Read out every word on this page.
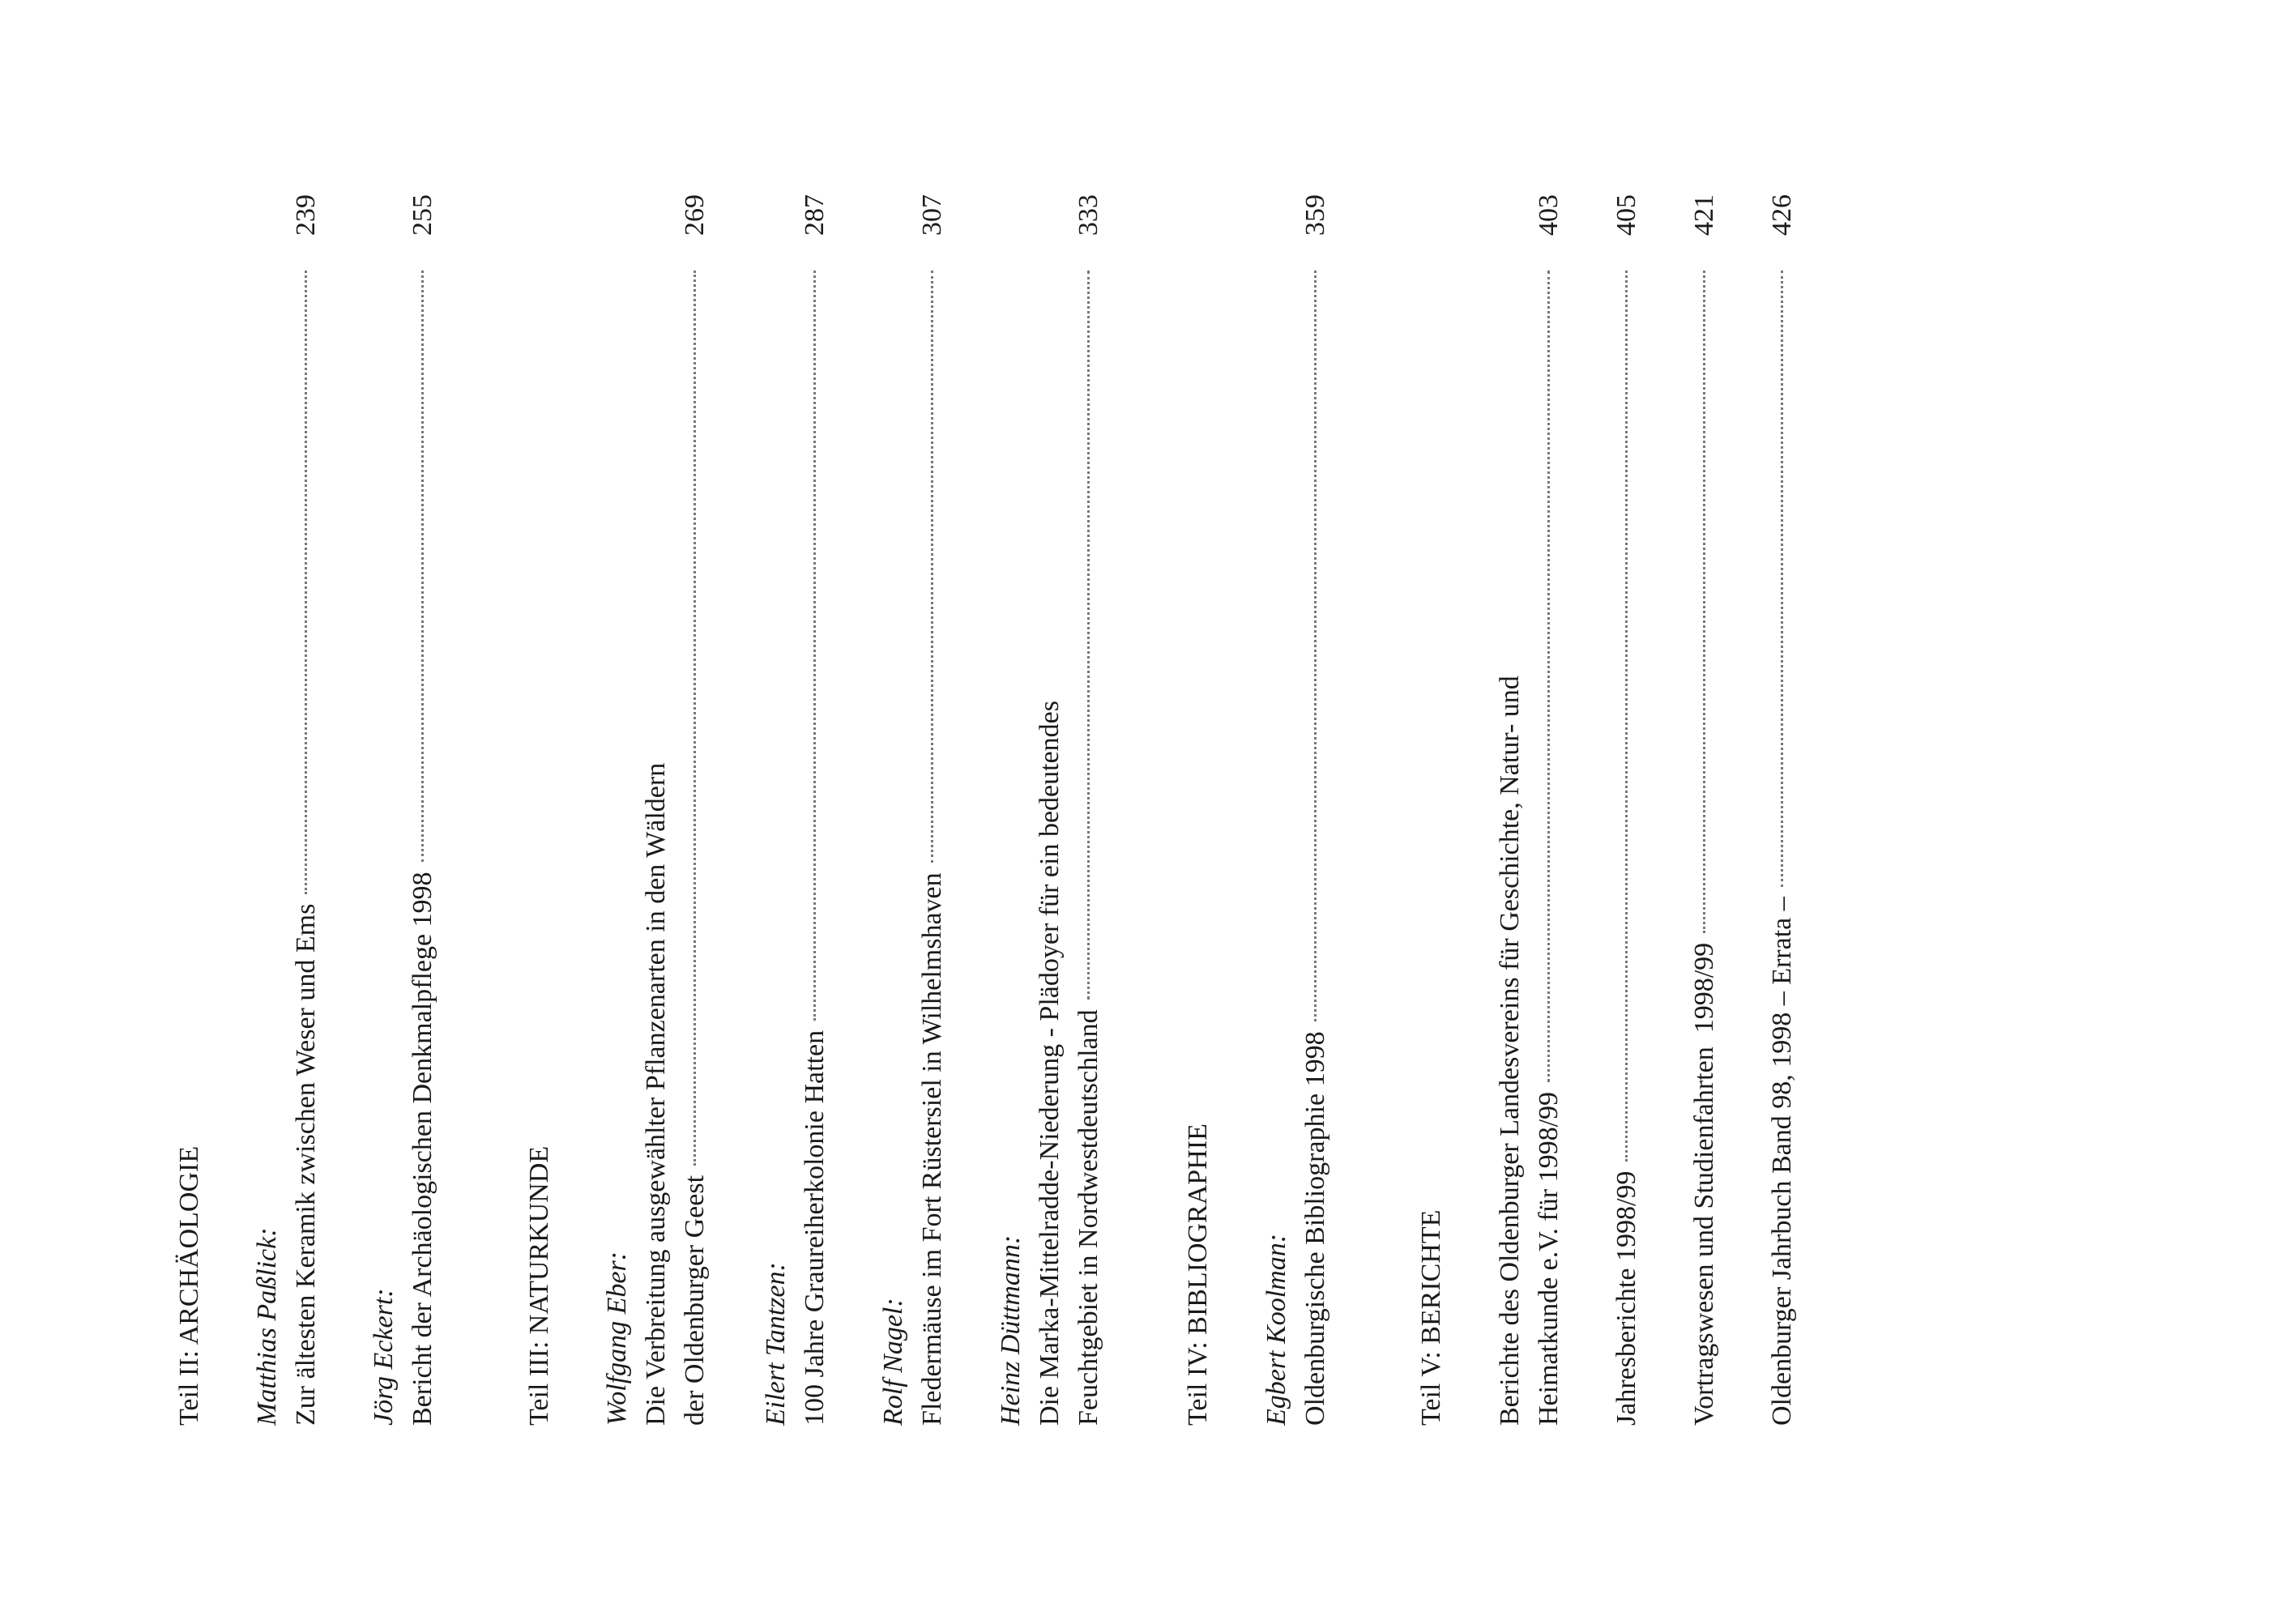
Teil II: ARCHÄOLOGIE Matthias Paßlick: Zur ältesten Keramik zwischen Weser und Ems
239
Jörg Eckert: Bericht der Archäologischen Denkmalpflege 1998
255
Teil III: NATURKUNDE Wolfgang Eber: Die Verbreitung ausgewählter Pflanzenarten in den Wäldern der Oldenburger Geest
269
Eilert Tantzen: 100 Jahre Graureiherkolonie Hatten
287
Rolf Nagel: Fledermäuse im Fort Rüstersiel in Wilhelmshaven
307
Heinz Düttmann: Die Marka-Mittelradde-Niederung - Plädoyer für ein bedeutendes Feuchtgebiet in Nordwestdeutschland
333
Teil IV: BIBLIOGRAPHIE Egbert Koolman: Oldenburgische Bibliographie 1998
359
Teil V: BERICHTE Berichte des Oldenburger Landesvereins für Geschichte, Natur- und Heimatkunde e.V. für 1998/99
403
Jahresberichte 1998/99
405
Vortragswesen und Studienfahrten  1998/99
421
Oldenburger Jahrbuch Band 98, 1998 – Errata –
426
